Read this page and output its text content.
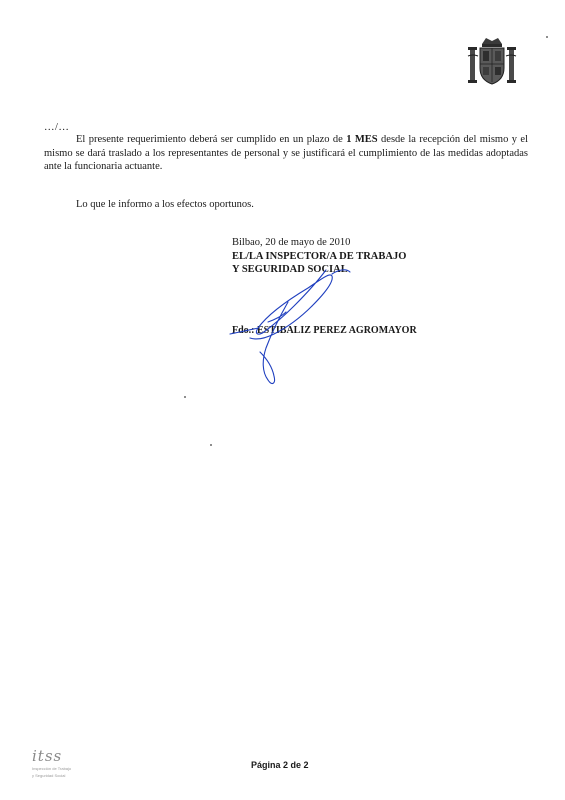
…/…
El presente requerimiento deberá ser cumplido en un plazo de 1 MES desde la recepción del mismo y el mismo se dará traslado a los representantes de personal y se justificará el cumplimiento de las medidas adoptadas ante la funcionaria actuante.
Lo que le informo a los efectos oportunos.
Bilbao, 20 de mayo de 2010
EL/LA INSPECTOR/A DE TRABAJO
Y SEGURIDAD SOCIAL
Fdo.: ESTIBALIZ PEREZ AGROMAYOR
itss
Inspección de Trabajo
y Seguridad Social
Página 2 de 2
